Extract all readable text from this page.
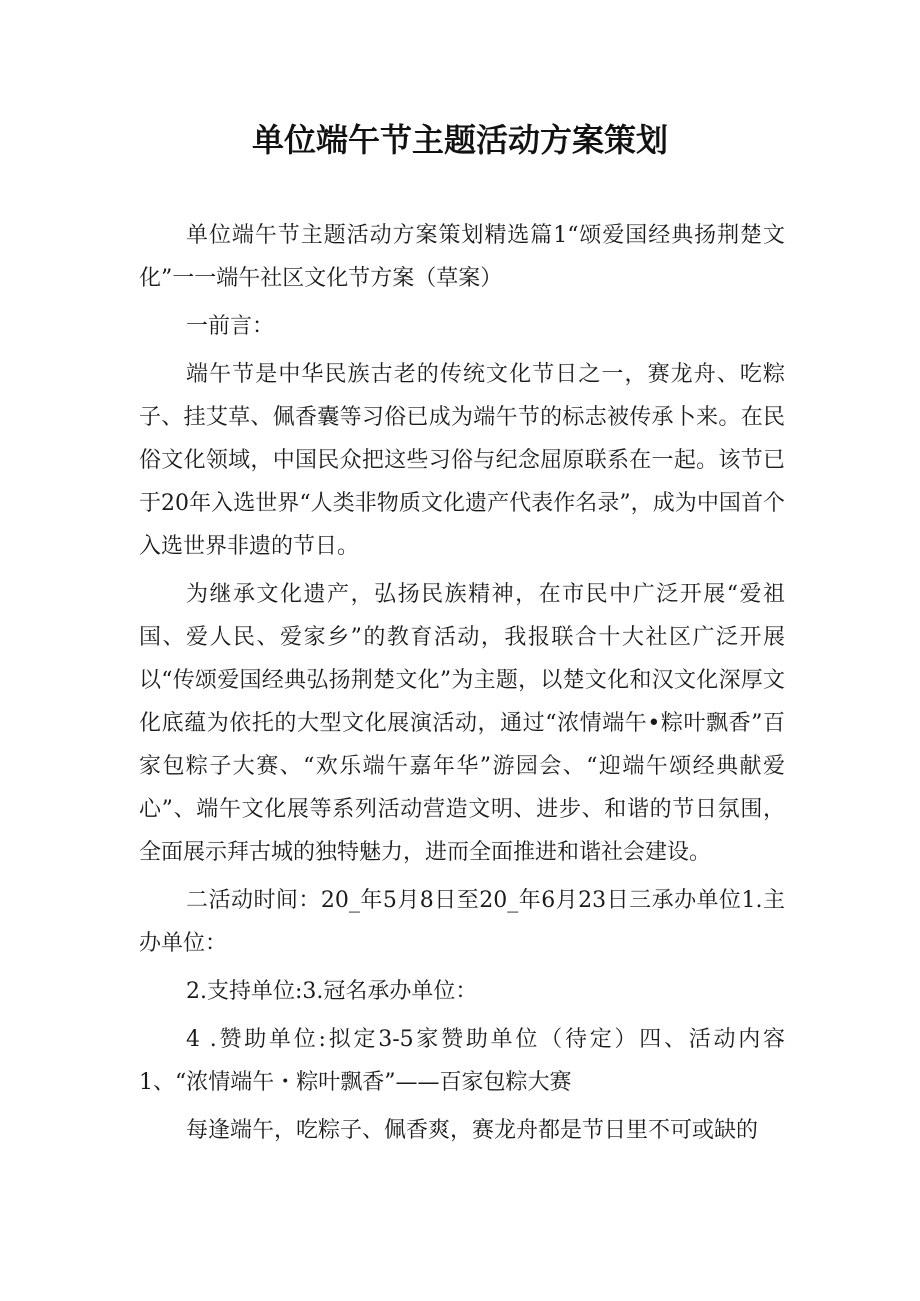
单位端午节主题活动方案策划

单位端午节主题活动方案策划精选篇1“颂爱国经典扬荆楚文化”一一端午社区文化节方案（草案）

一前言：

端午节是中华民族古老的传统文化节日之一，赛龙舟、吃粽子、挂艾草、佩香囊等习俗已成为端午节的标志被传承卜来。在民俗文化领域，中国民众把这些习俗与纪念屈原联系在一起。该节已于20年入选世界“人类非物质文化遗产代表作名录”，成为中国首个入选世界非遗的节日。

为继承文化遗产，弘扬民族精神，在市民中广泛开展“爱祖国、爱人民、爱家乡”的教育活动，我报联合十大社区广泛开展以“传颂爱国经典弘扬荆楚文化”为主题，以楚文化和汉文化深厚文化底蕴为依托的大型文化展演活动，通过“浓情端午•粽叶飘香”百家包粽子大赛、“欢乐端午嘉年华”游园会、“迎端午颂经典献爱心”、端午文化展等系列活动营造文明、进步、和谐的节日氛围，全面展示拜古城的独特魅力，进而全面推进和谐社会建设。

二活动时间：20_年5月8日至20_年6月23日三承办单位1.主办单位：

2.支持单位:3.冠名承办单位：

4 .赞助单位:拟定3-5家赞助单位（待定）四、活动内容1、“浓情端午・粽叶飘香”——百家包粽大赛

每逢端午，吃粽子、佩香爽，赛龙舟都是节日里不可或缺的
